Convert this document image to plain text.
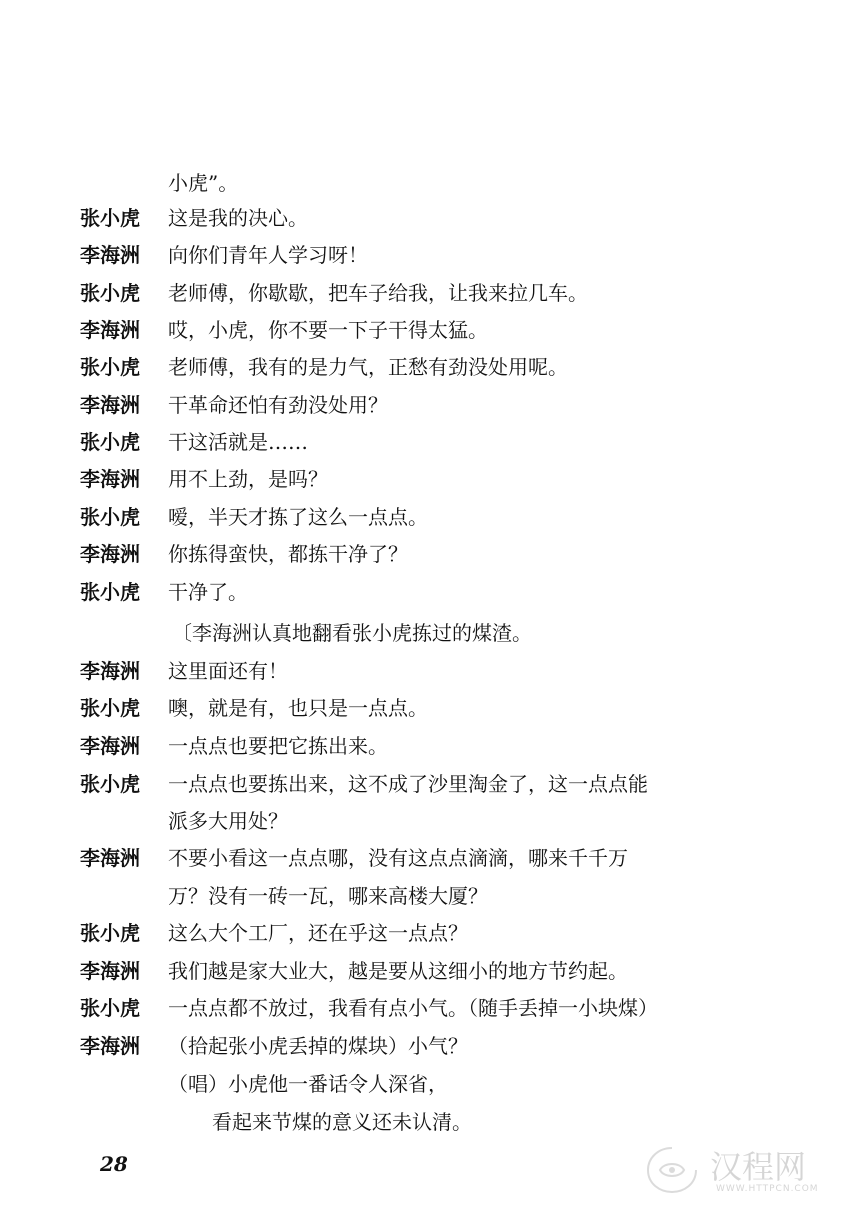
小虎”。
张小虎	这是我的决心。
李海洲	向你们青年人学习呀！
张小虎	老师傅，你歇歇，把车子给我，让我来拉几车。
李海洲	哎，小虎，你不要一下子干得太猛。
张小虎	老师傅，我有的是力气，正愁有劲没处用呢。
李海洲	干革命还怕有劲没处用？
张小虎	干这活就是……
李海洲	用不上劲，是吗？
张小虎	嗳，半天才拣了这么一点点。
李海洲	你拣得蛮快，都拣干净了？
张小虎	干净了。
〔李海洲认真地翻看张小虎拣过的煤渣。
李海洲	这里面还有！
张小虎	噢，就是有，也只是一点点。
李海洲	一点点也要把它拣出来。
张小虎	一点点也要拣出来，这不成了沙里淘金了，这一点点能
派多大用处？
李海洲	不要小看这一点点哪，没有这点点滴滴，哪来千千万
万？没有一砖一瓦，哪来高楼大厦？
张小虎	这么大个工厂，还在乎这一点点？
李海洲	我们越是家大业大，越是要从这细小的地方节约起。
张小虎	一点点都不放过，我看有点小气。（随手丢掉一小块煤）
李海洲	（拾起张小虎丢掉的煤块）小气？
（唱）小虎他一番话令人深省，
看起来节煤的意义还未认清。
28	汉程网
WWW.HTTPCN.COM
